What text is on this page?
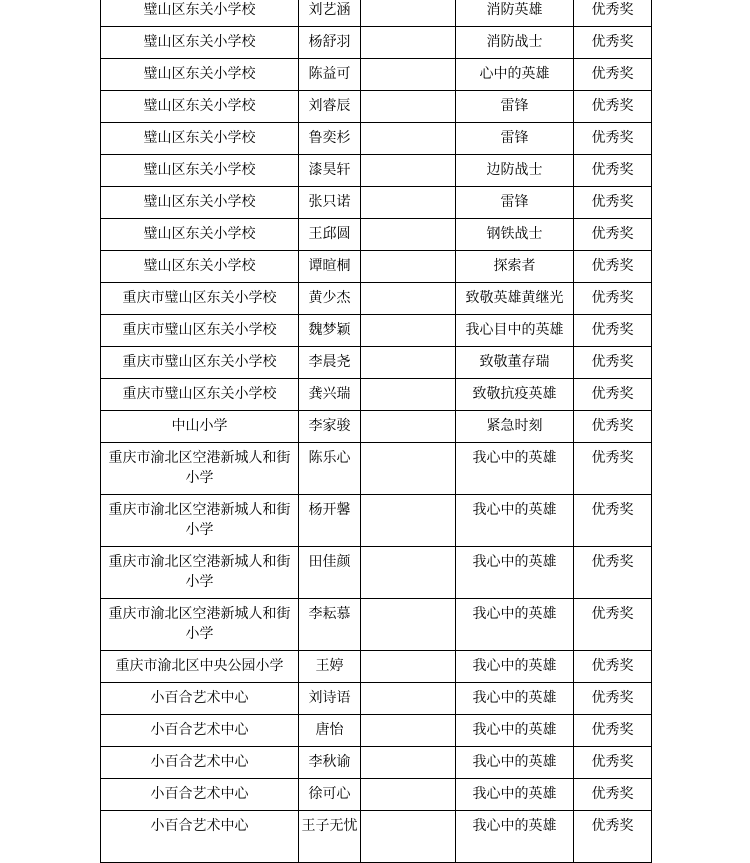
璧山区东关小学校	刘艺涵		消防英雄	优秀奖
璧山区东关小学校	杨舒羽		消防战士	优秀奖
璧山区东关小学校	陈益可		心中的英雄	优秀奖
璧山区东关小学校	刘睿辰		雷锋	优秀奖
璧山区东关小学校	鲁奕杉		雷锋	优秀奖
璧山区东关小学校	漆昊轩		边防战士	优秀奖
璧山区东关小学校	张只诺		雷锋	优秀奖
璧山区东关小学校	王邱圆		钢铁战士	优秀奖
璧山区东关小学校	谭暄桐		探索者	优秀奖
重庆市璧山区东关小学校	黄少杰		致敬英雄黄继光	优秀奖
重庆市璧山区东关小学校	魏梦颖		我心目中的英雄	优秀奖
重庆市璧山区东关小学校	李晨尧		致敬董存瑞	优秀奖
重庆市璧山区东关小学校	龚兴瑞		致敬抗疫英雄	优秀奖
中山小学	李家骏		紧急时刻	优秀奖
重庆市渝北区空港新城人和街小学	陈乐心		我心中的英雄	优秀奖
重庆市渝北区空港新城人和街小学	杨开馨		我心中的英雄	优秀奖
重庆市渝北区空港新城人和街小学	田佳颜		我心中的英雄	优秀奖
重庆市渝北区空港新城人和街小学	李耘慕		我心中的英雄	优秀奖
重庆市渝北区中央公园小学	王婷		我心中的英雄	优秀奖
小百合艺术中心	刘诗语		我心中的英雄	优秀奖
小百合艺术中心	唐怡		我心中的英雄	优秀奖
小百合艺术中心	李秋谕		我心中的英雄	优秀奖
小百合艺术中心	徐可心		我心中的英雄	优秀奖
小百合艺术中心	王子无忧		我心中的英雄	优秀奖
